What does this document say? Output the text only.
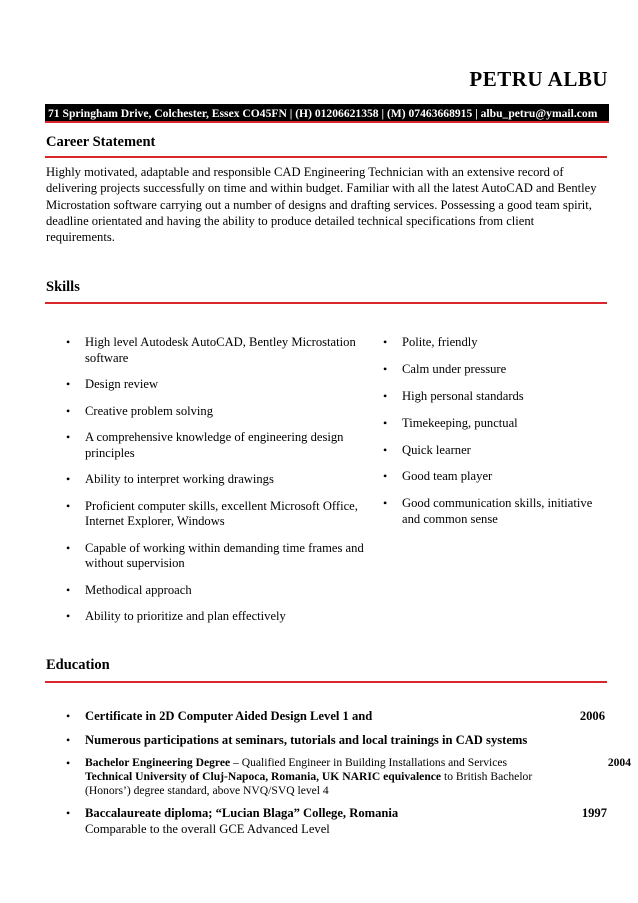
PETRU ALBU
71 Springham Drive, Colchester, Essex CO45FN | (H) 01206621358 | (M) 07463668915 | albu_petru@ymail.com
Career Statement
Highly motivated, adaptable and responsible CAD Engineering Technician with an extensive record of delivering projects successfully on time and within budget. Familiar with all the latest AutoCAD and Bentley Microstation software carrying out a number of designs and drafting services. Possessing a good team spirit, deadline orientated and having the ability to produce detailed technical specifications from client requirements.
Skills
• High level Autodesk AutoCAD, Bentley Microstation software
• Design review
• Creative problem solving
• A comprehensive knowledge of engineering design principles
• Ability to interpret working drawings
• Proficient computer skills, excellent Microsoft Office, Internet Explorer, Windows
• Capable of working within demanding time frames and without supervision
• Methodical approach
• Ability to prioritize and plan effectively
• Polite, friendly
• Calm under pressure
• High personal standards
• Timekeeping, punctual
• Quick learner
• Good team player
• Good communication skills, initiative and common sense
Education
• Certificate in 2D Computer Aided Design Level 1 and	2006
• Numerous participations at seminars, tutorials and local trainings in CAD systems
• Bachelor Engineering Degree – Qualified Engineer in Building Installations and Services
Technical University of Cluj-Napoca, Romania, UK NARIC equivalence to British Bachelor (Honors’) degree standard, above NVQ/SVQ level 4
2004
• Baccalaureate diploma; “Lucian Blaga” College, Romania
Comparable to the overall GCE Advanced Level
1997
